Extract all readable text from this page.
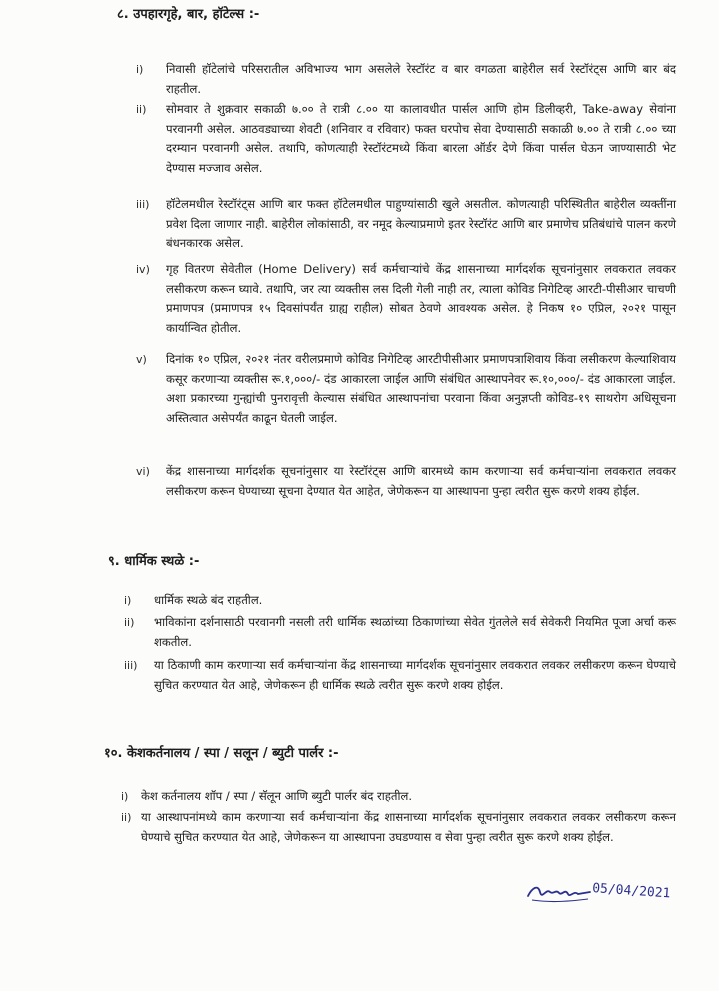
८. उपहारगृहे, बार, हॉटेल्स :-
i)	निवासी हॉटेलांचे परिसरातील अविभाज्य भाग असलेले रेस्टॉरंट व बार वगळता बाहेरील सर्व रेस्टॉरंट्स आणि बार बंद राहतील.
ii)	सोमवार ते शुक्रवार सकाळी ७.०० ते रात्री ८.०० या कालावधीत पार्सल आणि होम डिलीव्हरी, Take-away सेवांना परवानगी असेल. आठवड्याच्या शेवटी (शनिवार व रविवार) फक्त घरपोच सेवा देण्यासाठी सकाळी ७.०० ते रात्री ८.०० च्या दरम्यान परवानगी असेल. तथापि, कोणत्याही रेस्टॉरंटमध्ये किंवा बारला ऑर्डर देणे किंवा पार्सल घेऊन जाण्यासाठी भेट देण्यास मज्जाव असेल.
iii)	हॉटेलमधील रेस्टॉरंट्स आणि बार फक्त हॉटेलमधील पाहुण्यांसाठी खुले असतील. कोणत्याही परिस्थितीत बाहेरील व्यक्तींना प्रवेश दिला जाणार नाही. बाहेरील लोकांसाठी, वर नमूद केल्याप्रमाणे इतर रेस्टॉरंट आणि बार प्रमाणेच प्रतिबंधांचे पालन करणे बंधनकारक असेल.
iv)	गृह वितरण सेवेतील (Home Delivery) सर्व कर्मचाऱ्यांचे केंद्र शासनाच्या मार्गदर्शक सूचनांनुसार लवकरात लवकर लसीकरण करून घ्यावे. तथापि, जर त्या व्यक्तीस लस दिली गेली नाही तर, त्याला कोविड निगेटिव्ह आरटी-पीसीआर चाचणी प्रमाणपत्र (प्रमाणपत्र १५ दिवसांपर्यंत ग्राह्य राहील) सोबत ठेवणे आवश्यक असेल. हे निकष १० एप्रिल, २०२१ पासून कार्यान्वित होतील.
v)	दिनांक १० एप्रिल, २०२१ नंतर वरीलप्रमाणे कोविड निगेटिव्ह आरटीपीसीआर प्रमाणपत्राशिवाय किंवा लसीकरण केल्याशिवाय कसूर करणाऱ्या व्यक्तीस रू.१,०००/- दंड आकारला जाईल आणि संबंधित आस्थापनेवर रू.१०,०००/- दंड आकारला जाईल. अशा प्रकारच्या गुन्ह्यांची पुनरावृत्ती केल्यास संबंधित आस्थापनांचा परवाना किंवा अनुज्ञप्ती कोविड-१९ साथरोग अधिसूचना अस्तित्वात असेपर्यंत काढून घेतली जाईल.
vi)	केंद्र शासनाच्या मार्गदर्शक सूचनांनुसार या रेस्टॉरंट्स आणि बारमध्ये काम करणाऱ्या सर्व कर्मचाऱ्यांना लवकरात लवकर लसीकरण करून घेण्याच्या सूचना देण्यात येत आहेत, जेणेकरून या आस्थापना पुन्हा त्वरीत सुरू करणे शक्य होईल.
९. धार्मिक स्थळे :-
i)	धार्मिक स्थळे बंद राहतील.
ii)	भाविकांना दर्शनासाठी परवानगी नसली तरी धार्मिक स्थळांच्या ठिकाणांच्या सेवेत गुंतलेले सर्व सेवेकरी नियमित पूजा अर्चा करू शकतील.
iii)	या ठिकाणी काम करणाऱ्या सर्व कर्मचाऱ्यांना केंद्र शासनाच्या मार्गदर्शक सूचनांनुसार लवकरात लवकर लसीकरण करून घेण्याचे सुचित करण्यात येत आहे, जेणेकरून ही धार्मिक स्थळे त्वरीत सुरू करणे शक्य होईल.
१०. केशकर्तनालय / स्पा / सलून / ब्युटी पार्लर :-
i)	केश कर्तनालय शॉप / स्पा / सॅलून आणि ब्युटी पार्लर बंद राहतील.
ii) या आस्थापनांमध्ये काम करणाऱ्या सर्व कर्मचाऱ्यांना केंद्र शासनाच्या मार्गदर्शक सूचनांनुसार लवकरात लवकर लसीकरण करून घेण्याचे सुचित करण्यात येत आहे, जेणेकरून या आस्थापना उघडण्यास व सेवा पुन्हा त्वरीत सुरू करणे शक्य होईल.
05/04/2021
